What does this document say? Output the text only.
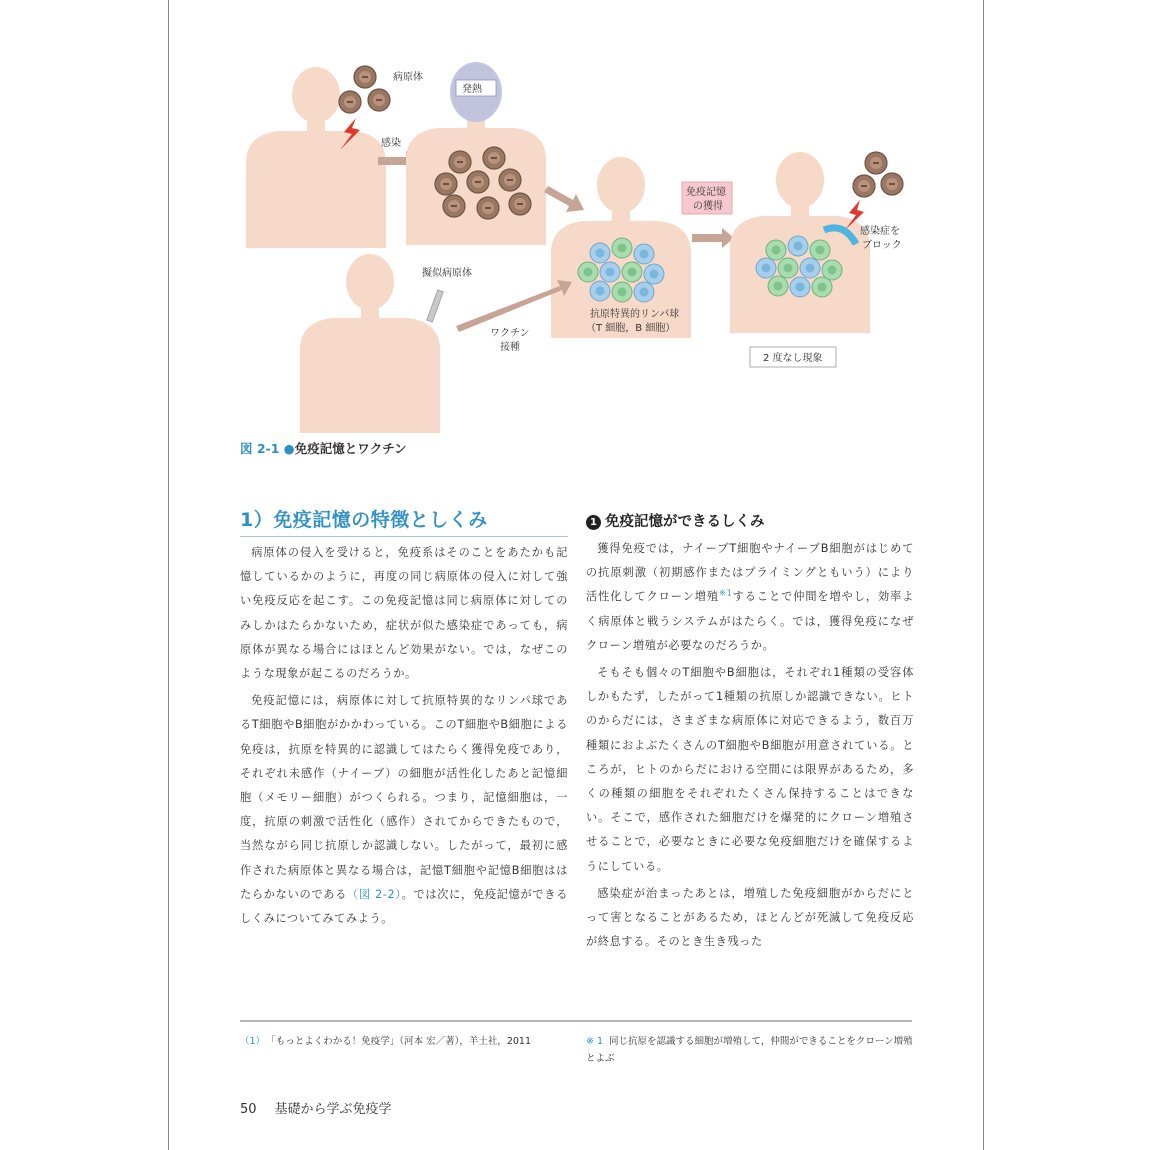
病原体
感染
発熱
抗原特異的リンパ球
（T 細胞，B 細胞）
免疫記憶
の獲得
感染症を
ブロック
2 度なし現象
擬似病原体
ワクチン
接種
図 2-1 ●免疫記憶とワクチン
1）免疫記憶の特徴としくみ

病原体の侵入を受けると，免疫系はそのことをあたかも記憶しているかのように，再度の同じ病原体の侵入に対して強い免疫反応を起こす。この免疫記憶は同じ病原体に対してのみしかはたらかないため，症状が似た感染症であっても，病原体が異なる場合にはほとんど効果がない。では，なぜこのような現象が起こるのだろうか。

免疫記憶には，病原体に対して抗原特異的なリンパ球であるT細胞やB細胞がかかわっている。このT細胞やB細胞による免疫は，抗原を特異的に認識してはたらく獲得免疫であり，それぞれ未感作（ナイーブ）の細胞が活性化したあと記憶細胞（メモリー細胞）がつくられる。つまり，記憶細胞は，一度，抗原の刺激で活性化（感作）されてからできたもので，当然ながら同じ抗原しか認識しない。したがって，最初に感作された病原体と異なる場合は，記憶T細胞や記憶B細胞ははたらかないのである（図 2-2）。では次に，免疫記憶ができるしくみについてみてみよう。

1 免疫記憶ができるしくみ

獲得免疫では，ナイーブT細胞やナイーブB細胞がはじめての抗原刺激（初期感作またはプライミングともいう）により活性化してクローン増殖$^{※1}$することで仲間を増やし，効率よく病原体と戦うシステムがはたらく。では，獲得免疫になぜクローン増殖が必要なのだろうか。

そもそも個々のT細胞やB細胞は，それぞれ1種類の受容体しかもたず，したがって1種類の抗原しか認識できない。ヒトのからだには，さまざまな病原体に対応できるよう，数百万種類におよぶたくさんのT細胞やB細胞が用意されている。ところが，ヒトのからだにおける空間には限界があるため，多くの種類の細胞をそれぞれたくさん保持することはできない。そこで，感作された細胞だけを爆発的にクローン増殖させることで，必要なときに必要な免疫細胞だけを確保するようにしている。

感染症が治まったあとは，増殖した免疫細胞がからだにとって害となることがあるため，ほとんどが死滅して免疫反応が終息する。そのとき生き残った

（1） 「もっとよくわかる！免疫学」（河本 宏／著），羊土社，2011	※ 1 同じ抗原を認識する細胞が増殖して，仲間ができることをクローン増殖とよぶ
50 基礎から学ぶ免疫学
